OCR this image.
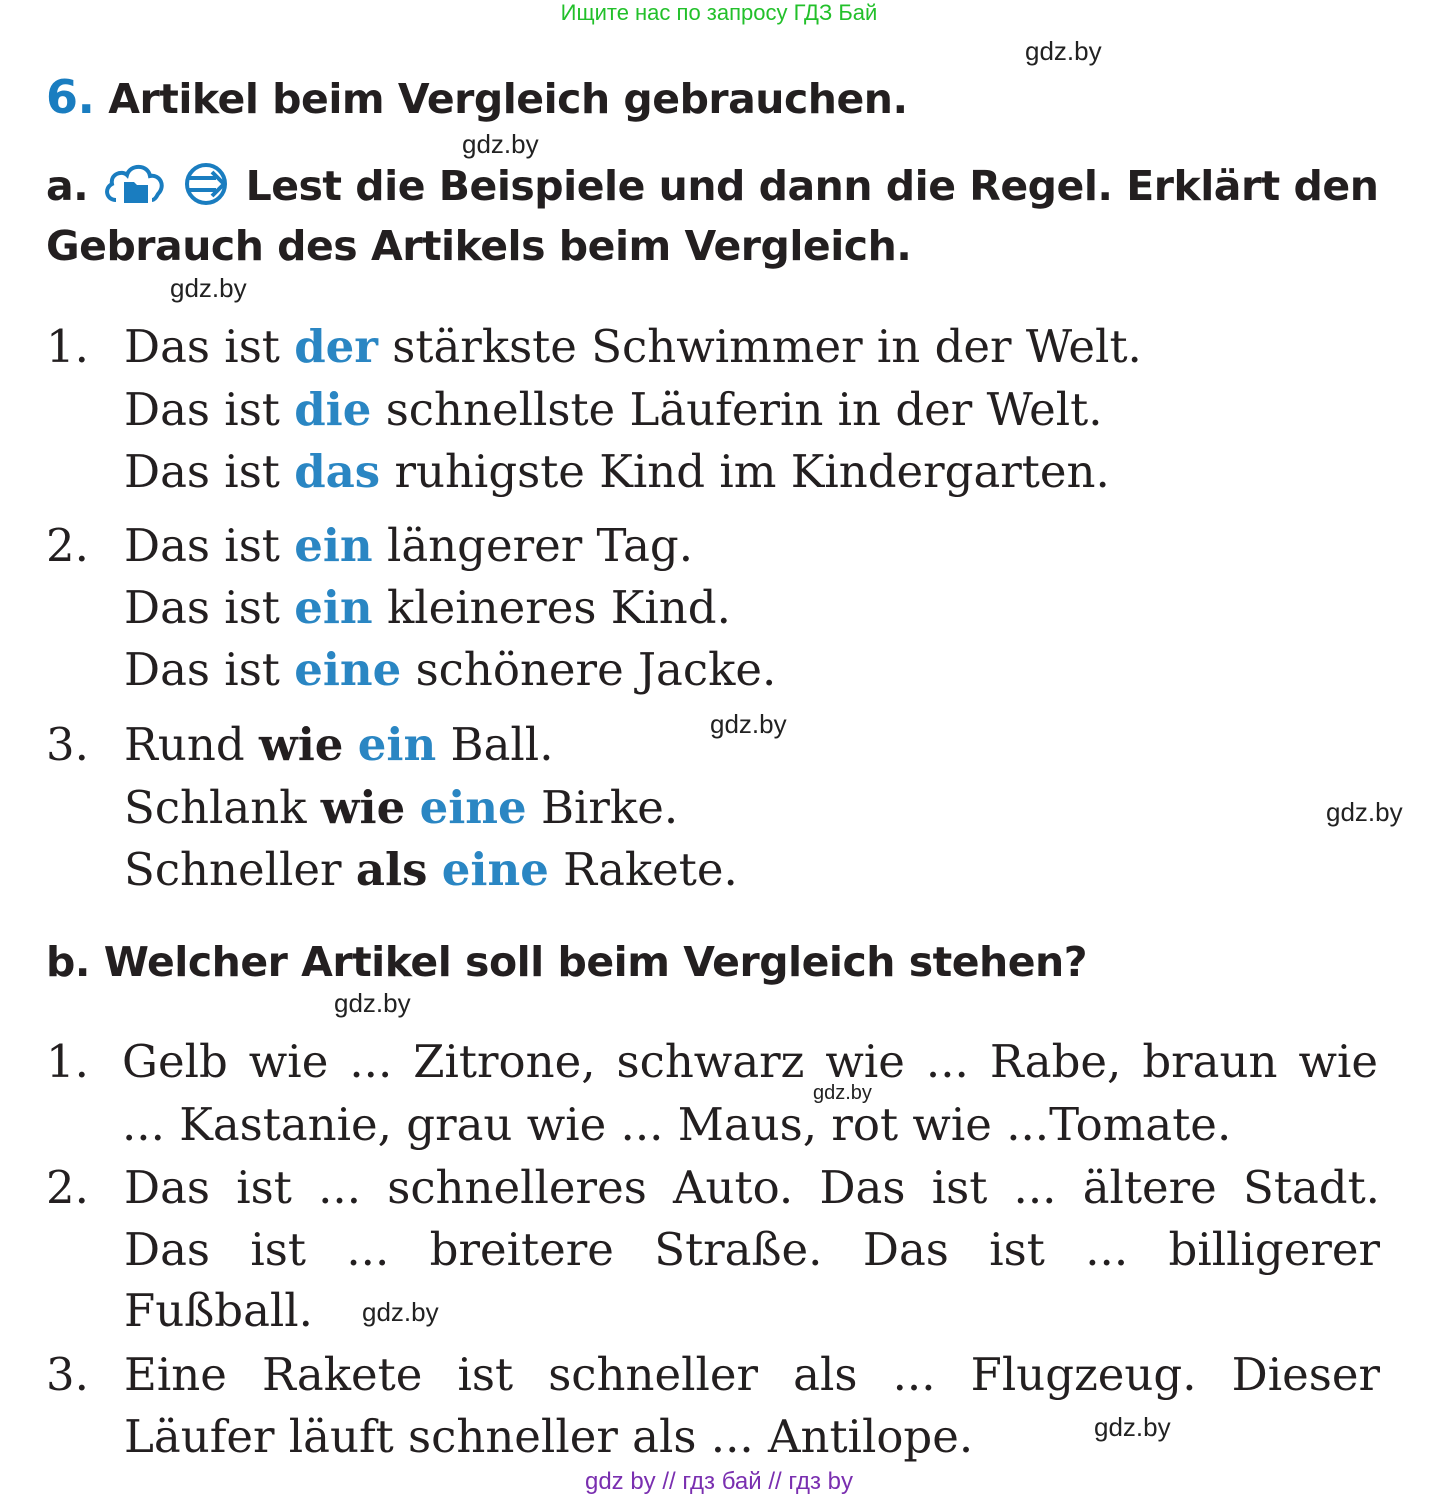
Ищите нас по запросу ГДЗ Бай
6. Artikel beim Vergleich gebrauchen.
a.	Lest die Beispiele und dann die Regel. Erklärt den
Gebrauch des Artikels beim Vergleich.
b. Welcher Artikel soll beim Vergleich stehen?
1. Das ist der stärkste Schwimmer in der Welt.
Das ist die schnellste Läuferin in der Welt.
Das ist das ruhigste Kind im Kindergarten.
2. Das ist ein längerer Tag.
Das ist ein kleineres Kind.
Das ist eine schönere Jacke.
3. Rund wie ein Ball.
Schlank wie eine Birke.
Schneller als eine Rakete.
1. Gelb wie ... Zitrone, schwarz wie ... Rabe, braun wie
... Kastanie, grau wie ... Maus, rot wie ...Tomate.
2. Das ist ... schnelleres Auto. Das ist ... ältere Stadt.
Das ist ... breitere Straße. Das ist ... billigerer
Fußball.
3. Eine Rakete ist schneller als ... Flugzeug. Dieser
Läufer läuft schneller als ... Antilope.
gdz.by
gdz.by
gdz.by
gdz.by
gdz.by
gdz.by
gdz.by
gdz.by
gdz.by
gdz by // гдз бай // гдз by
